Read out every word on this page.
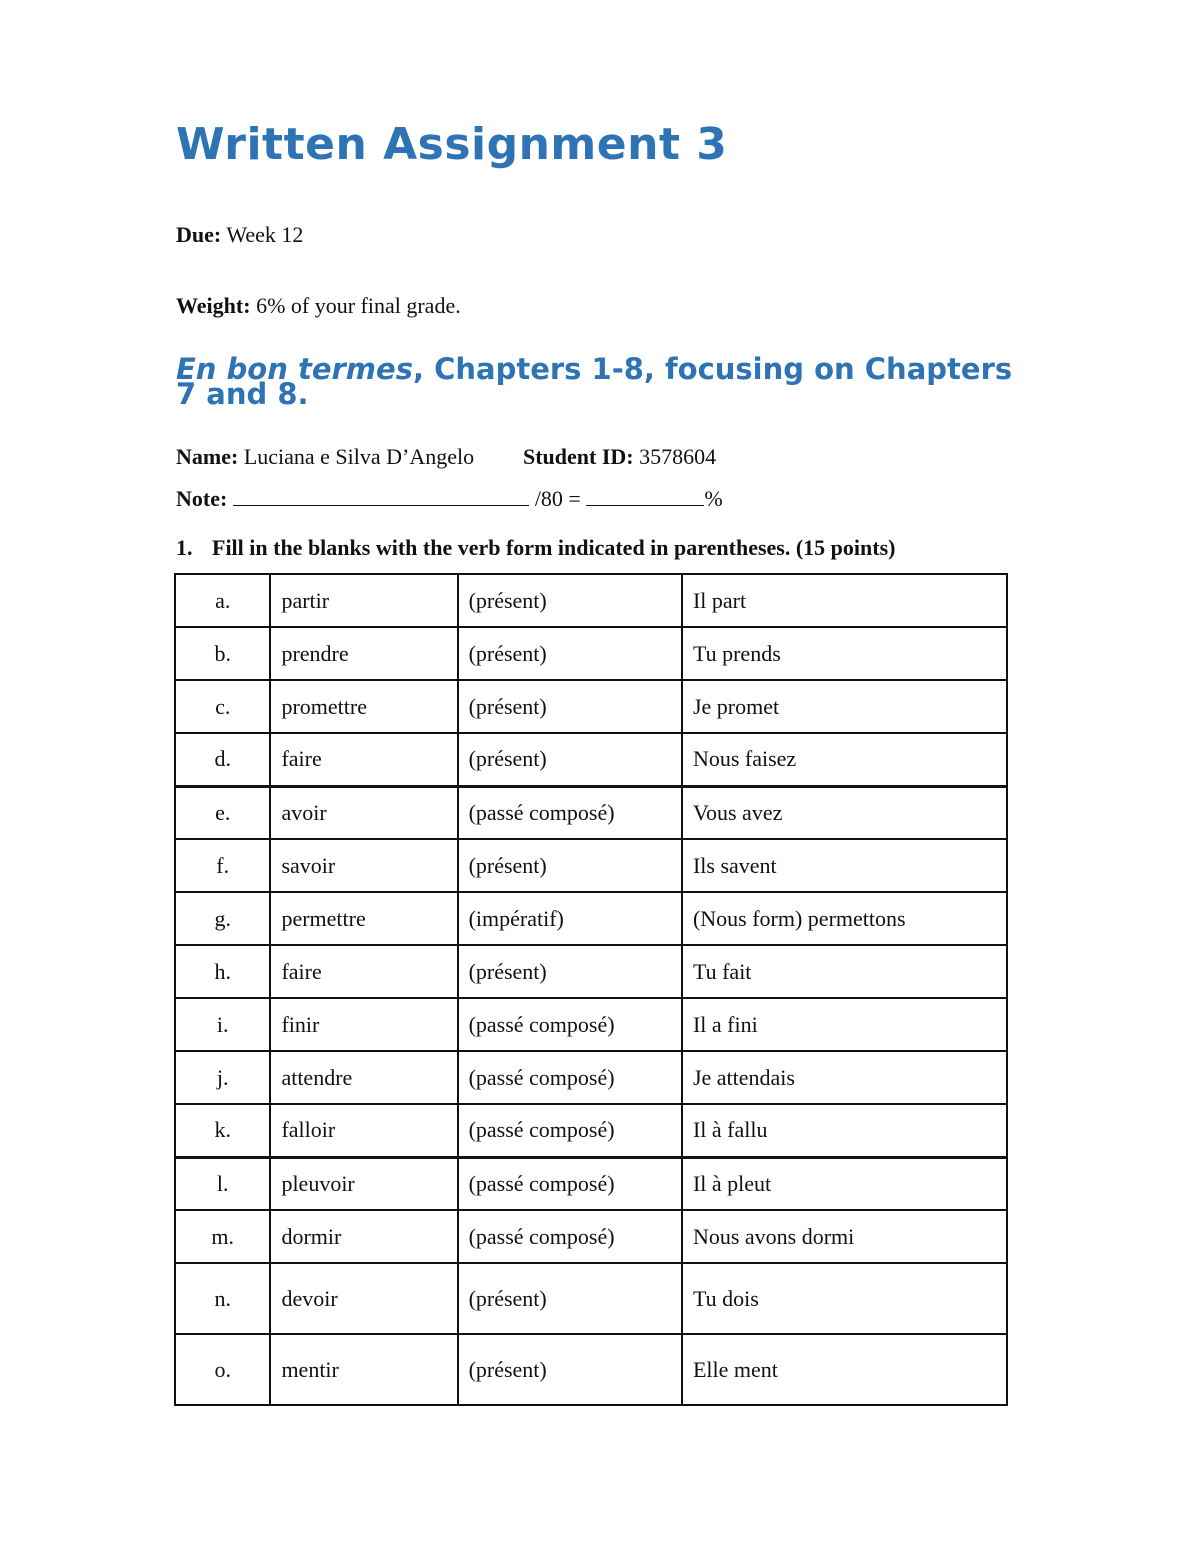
Written Assignment 3
Due: Week 12
Weight: 6% of your final grade.
En bon termes, Chapters 1-8, focusing on Chapters 7 and 8.
Name: Luciana e Silva D’Angelo Student ID: 3578604
Note:	/80 =	%
1. Fill in the blanks with the verb form indicated in parentheses. (15 points)
a.	partir	(présent)	Il part
b.	prendre	(présent)	Tu prends
c.	promettre	(présent)	Je promet
d.	faire	(présent)	Nous faisez
e.	avoir	(passé composé)	Vous avez
f.	savoir	(présent)	Ils savent
g.	permettre	(impératif)	(Nous form) permettons
h.	faire	(présent)	Tu fait
i.	finir	(passé composé)	Il a fini
j.	attendre	(passé composé)	Je attendais
k.	falloir	(passé composé)	Il à fallu
l.	pleuvoir	(passé composé)	Il à pleut
m.	dormir	(passé composé)	Nous avons dormi
n.	devoir	(présent)	Tu dois
o.	mentir	(présent)	Elle ment
